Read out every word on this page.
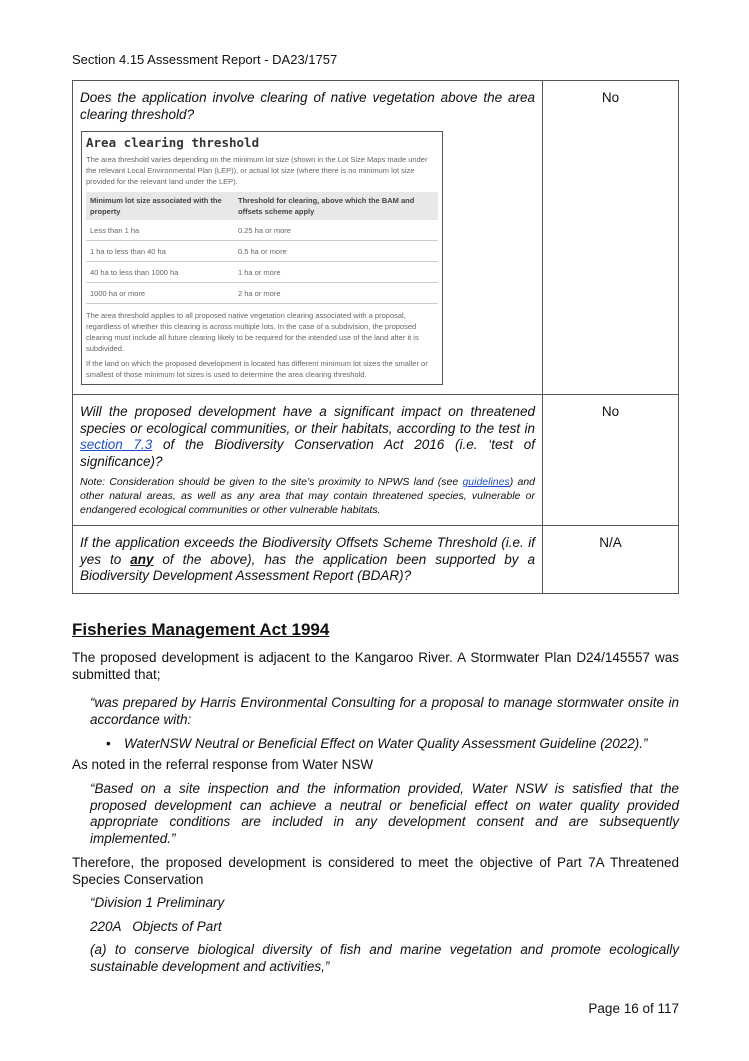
Section 4.15 Assessment Report - DA23/1757

Does the application involve clearing of native vegetation above the area clearing threshold?

Area clearing threshold

The area threshold varies depending on the minimum lot size (shown in the Lot Size Maps made under the relevant Local Environmental Plan (LEP)), or actual lot size (where there is no minimum lot size provided for the relevant land under the LEP).

Minimum lot size associated with the property	Threshold for clearing, above which the BAM and offsets scheme apply
Less than 1 ha	0.25 ha or more
1 ha to less than 40 ha	0.5 ha or more
40 ha to less than 1000 ha	1 ha or more
1000 ha or more	2 ha or more

The area threshold applies to all proposed native vegetation clearing associated with a proposal, regardless of whether this clearing is across multiple lots. In the case of a subdivision, the proposed clearing must include all future clearing likely to be required for the intended use of the land after it is subdivided.

If the land on which the proposed development is located has different minimum lot sizes the smaller or smallest of those minimum lot sizes is used to determine the area clearing threshold.

	No

Will the proposed development have a significant impact on threatened species or ecological communities, or their habitats, according to the test in section 7.3 of the Biodiversity Conservation Act 2016 (i.e. ‘test of significance)?

Note: Consideration should be given to the site’s proximity to NPWS land (see guidelines) and other natural areas, as well as any area that may contain threatened species, vulnerable or endangered ecological communities or other vulnerable habitats.

	No

If the application exceeds the Biodiversity Offsets Scheme Threshold (i.e. if yes to any of the above), has the application been supported by a Biodiversity Development Assessment Report (BDAR)?

	N/A
Fisheries Management Act 1994

The proposed development is adjacent to the Kangaroo River. A Stormwater Plan D24/145557 was submitted that;

“was prepared by Harris Environmental Consulting for a proposal to manage stormwater onsite in accordance with:

• WaterNSW Neutral or Beneficial Effect on Water Quality Assessment Guideline (2022).”

As noted in the referral response from Water NSW

“Based on a site inspection and the information provided, Water NSW is satisfied that the proposed development can achieve a neutral or beneficial effect on water quality provided appropriate conditions are included in any development consent and are subsequently implemented.”

Therefore, the proposed development is considered to meet the objective of Part 7A Threatened Species Conservation

“Division 1 Preliminary

220A   Objects of Part

(a) to conserve biological diversity of fish and marine vegetation and promote ecologically sustainable development and activities,”

Page 16 of 117
